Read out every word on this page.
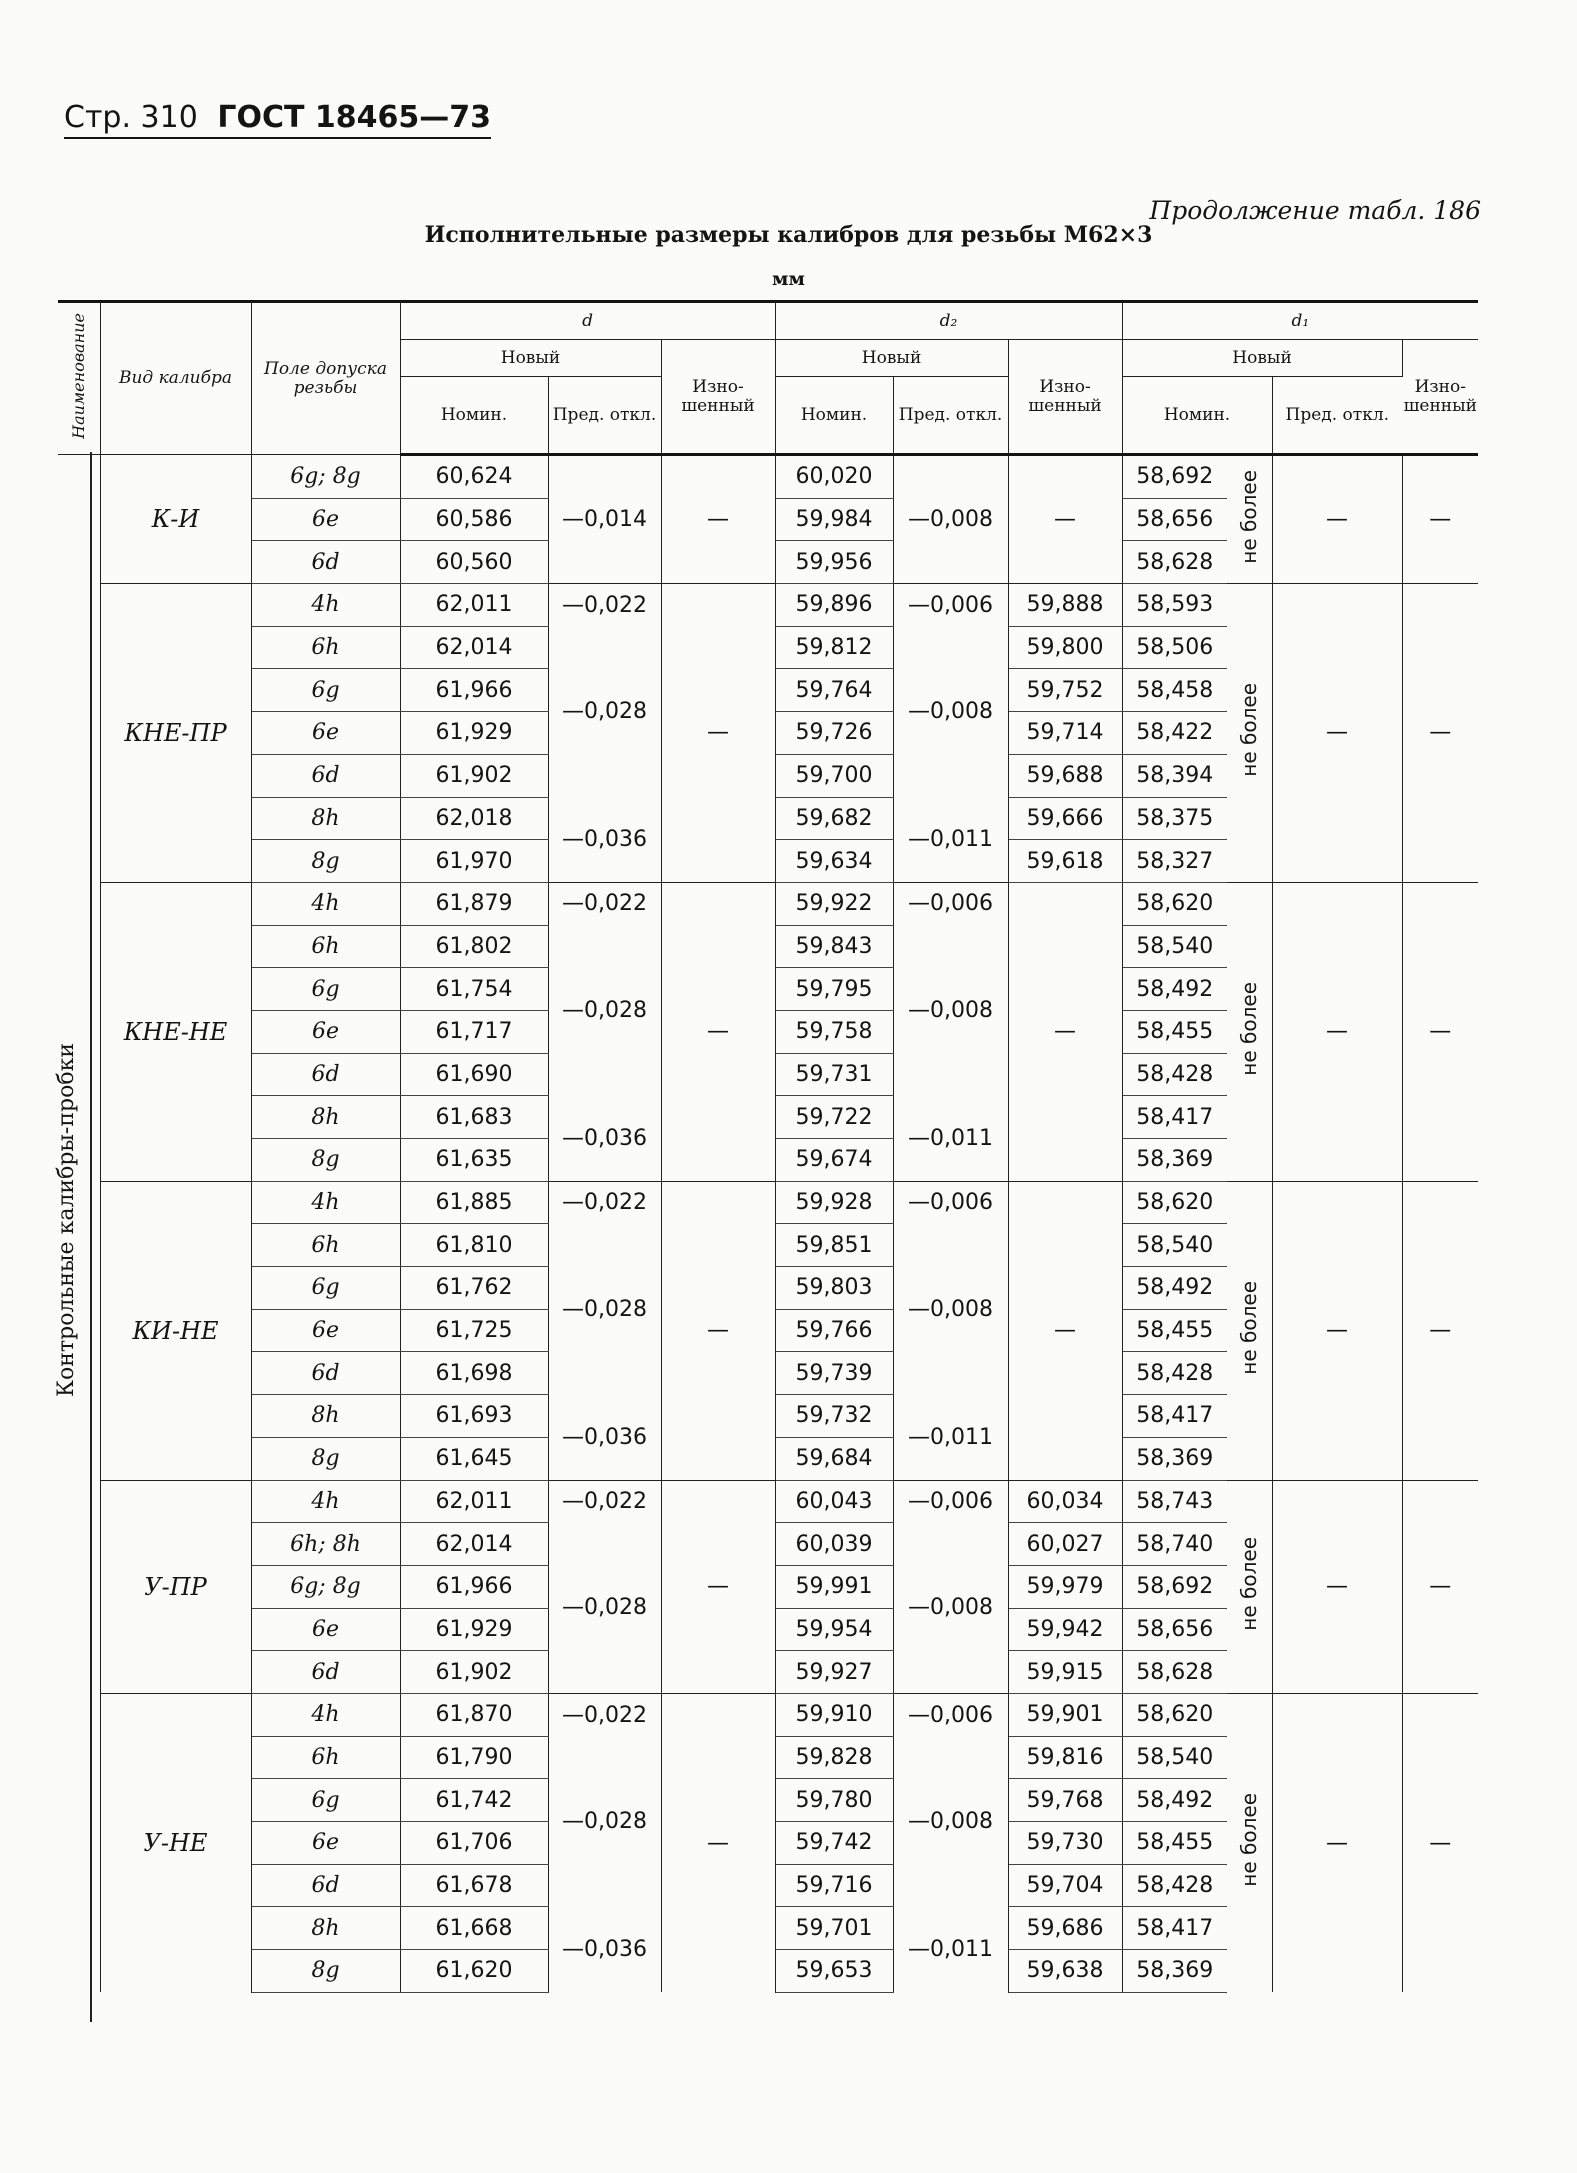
Стр. 310 ГОСТ 18465—73
Продолжение табл. 186
Исполнительные размеры калибров для резьбы M62×3
мм
Наименование	Вид калибра	Поле допуска резьбы	d			d₂			d₁			
			Новый		Изно-шенный	Новый		Изно-шенный	Новый			Изно-шенный
			Номин.	Пред. откл.		Номин.	Пред. откл.		Номин.		Пред. откл.	
	К-И	6g; 8g	60,624	—0,014	—	60,020	—0,008	—	58,692	не более	—	—
		6e	60,586			59,984			58,656			
		6d	60,560			59,956			58,628			
	КНЕ-ПР	4h	62,011	—0,022	—	59,896	—0,006	59,888	58,593	не более	—	—
		6h	62,014	—0,028		59,812	—0,008	59,800	58,506			
		6g	61,966			59,764		59,752	58,458			
		6e	61,929			59,726		59,714	58,422			
		6d	61,902			59,700		59,688	58,394			
		8h	62,018	—0,036		59,682	—0,011	59,666	58,375			
		8g	61,970			59,634		59,618	58,327			
	КНЕ-НЕ	4h	61,879	—0,022	—	59,922	—0,006	—	58,620	не более	—	—
		6h	61,802	—0,028		59,843	—0,008		58,540			
		6g	61,754			59,795			58,492			
		6e	61,717			59,758			58,455			
		6d	61,690			59,731			58,428			
		8h	61,683	—0,036		59,722	—0,011		58,417			
		8g	61,635			59,674			58,369			
	КИ-НЕ	4h	61,885	—0,022	—	59,928	—0,006	—	58,620	не более	—	—
		6h	61,810	—0,028		59,851	—0,008		58,540			
		6g	61,762			59,803			58,492			
		6e	61,725			59,766			58,455			
		6d	61,698			59,739			58,428			
		8h	61,693	—0,036		59,732	—0,011		58,417			
		8g	61,645			59,684			58,369			
	У-ПР	4h	62,011	—0,022	—	60,043	—0,006	60,034	58,743	не более	—	—
		6h; 8h	62,014	—0,028		60,039	—0,008	60,027	58,740			
		6g; 8g	61,966			59,991		59,979	58,692			
		6e	61,929			59,954		59,942	58,656			
		6d	61,902			59,927		59,915	58,628			
	У-НЕ	4h	61,870	—0,022	—	59,910	—0,006	59,901	58,620	не более	—	—
		6h	61,790	—0,028		59,828	—0,008	59,816	58,540			
		6g	61,742			59,780		59,768	58,492			
		6e	61,706			59,742		59,730	58,455			
		6d	61,678			59,716		59,704	58,428			
		8h	61,668	—0,036		59,701	—0,011	59,686	58,417			
		8g	61,620			59,653		59,638	58,369			
Контрольные калибры-пробки
